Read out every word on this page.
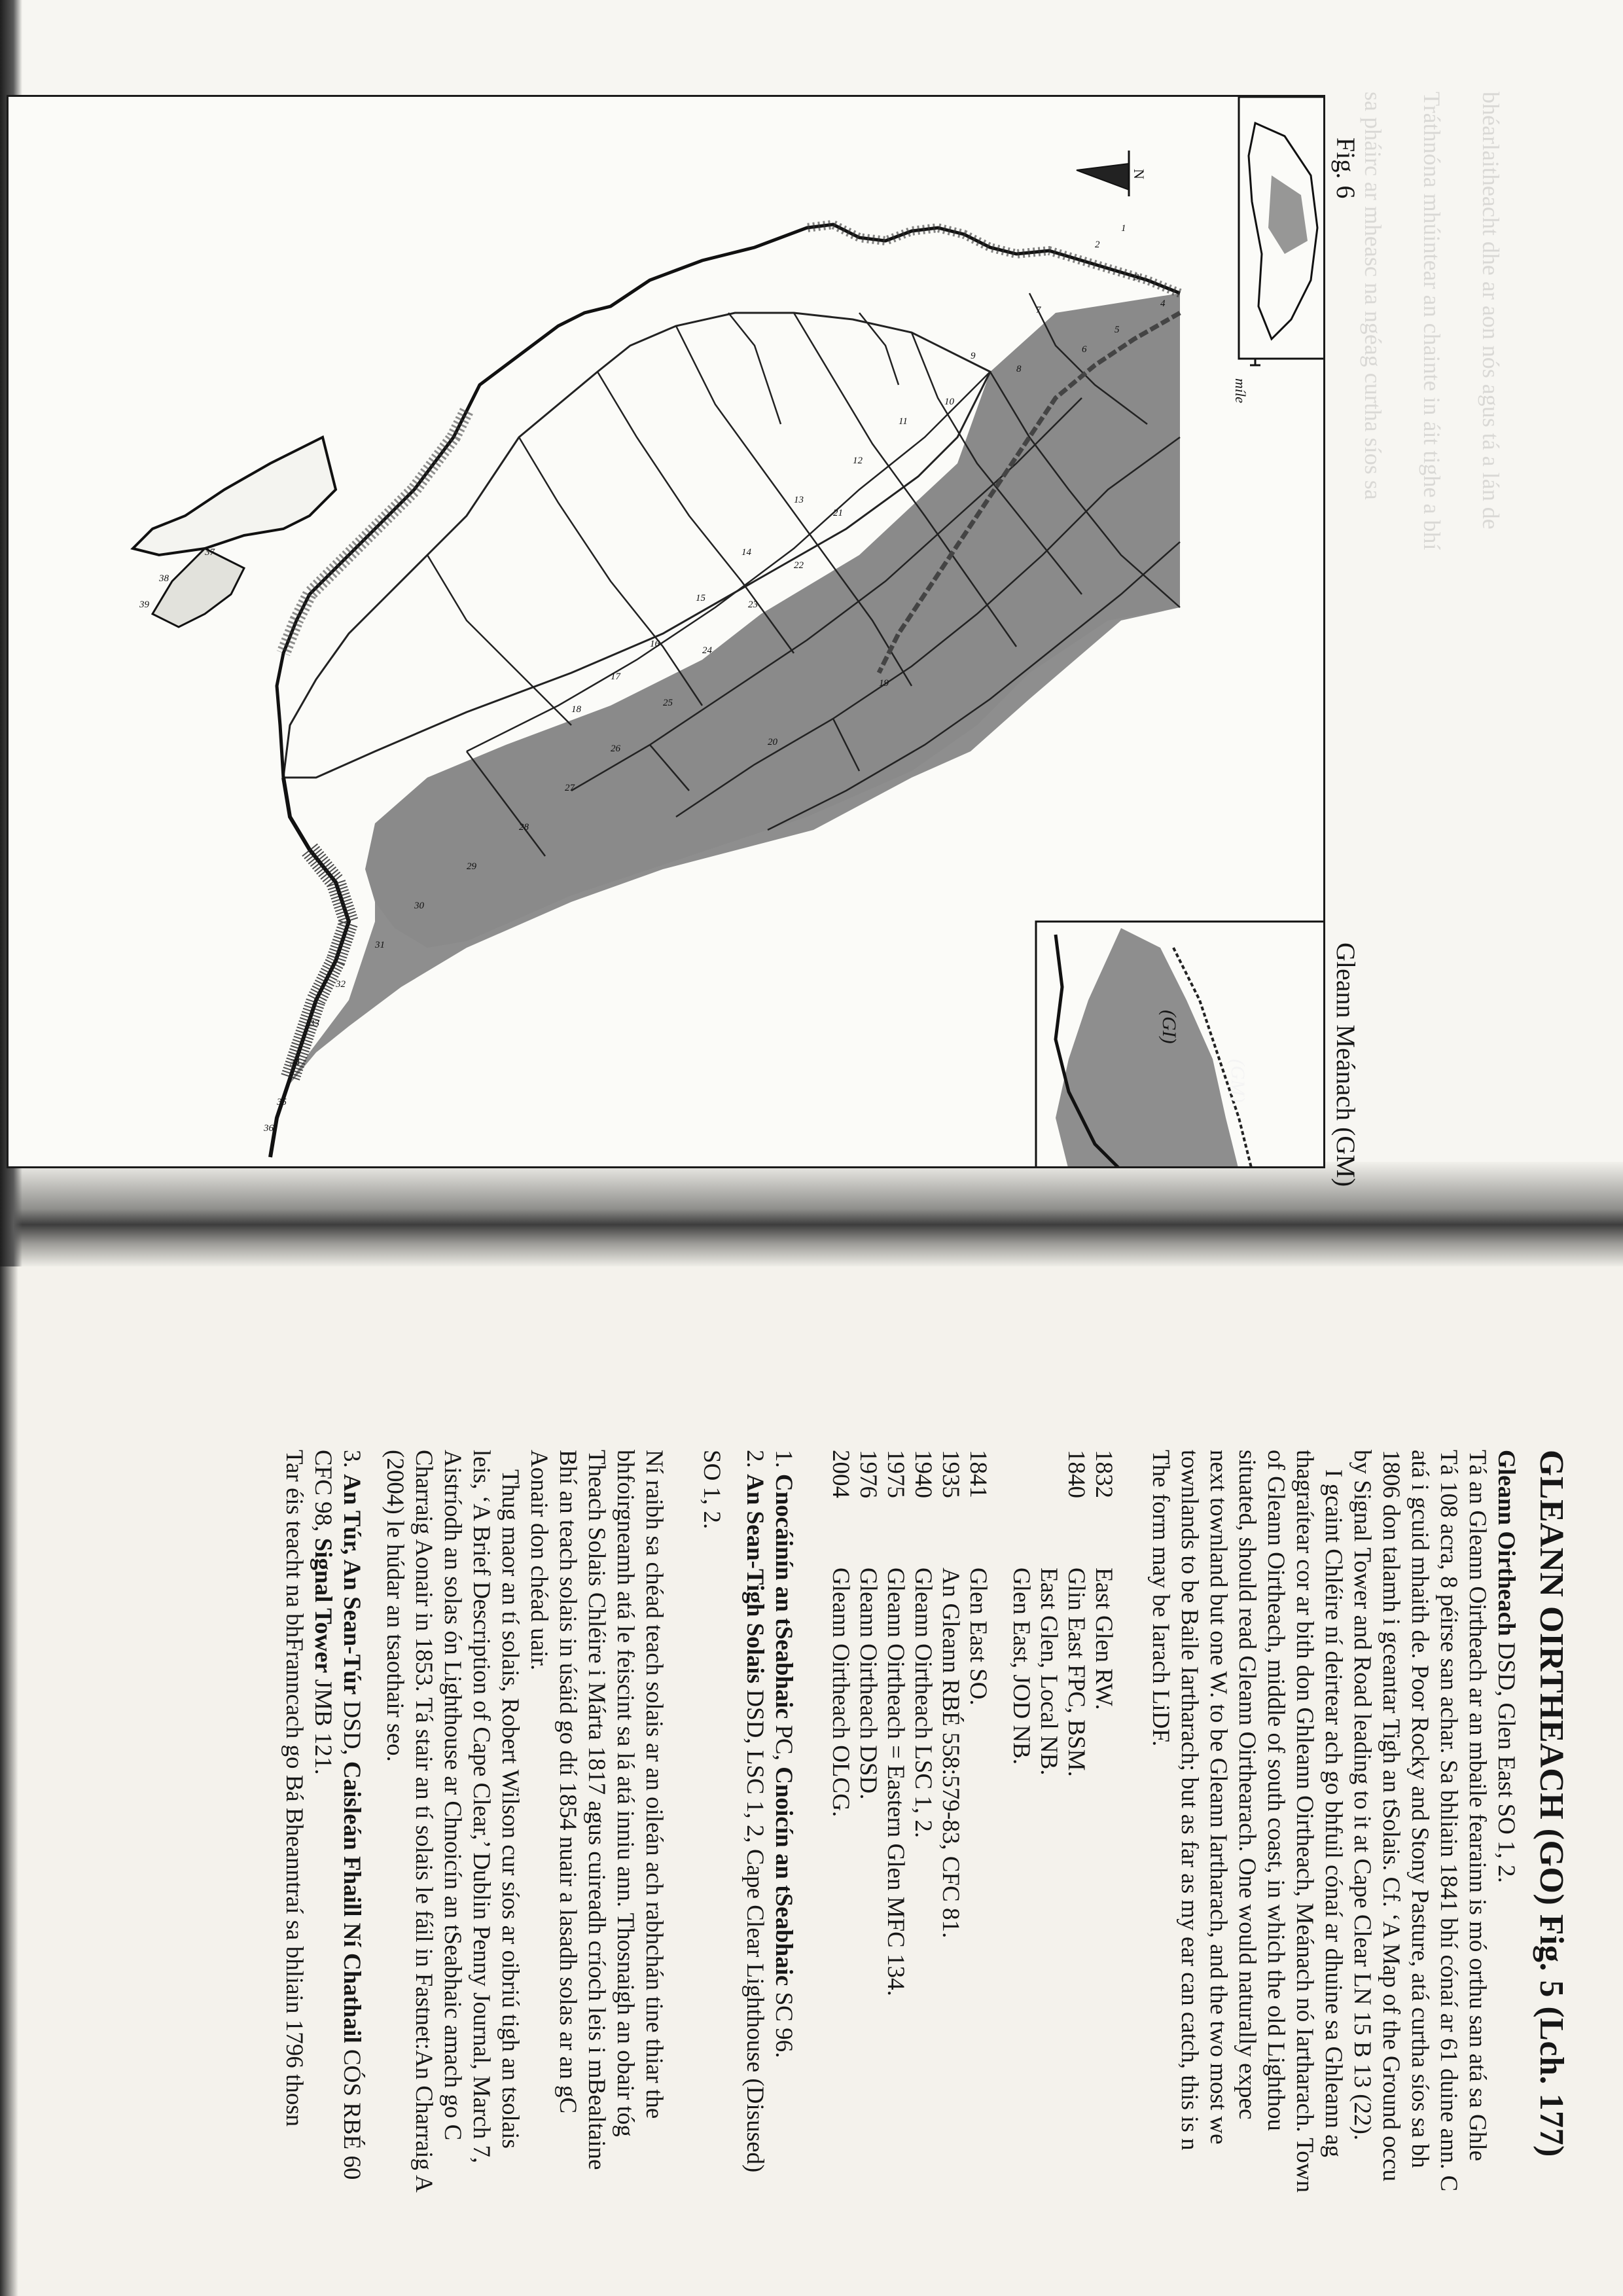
bhéarlaitheacht dhe ar aon nós agus tá a lán de
Tráthnóna mhúintear an chainte in áit tighe a bhí
sa pháirc ar mheasc na ngéag curtha síos sa
1
2
3
4
5
6
7
8
9
10
11
12
13
14
15
16
17
18
19
20
21
22
23
24
25
26
27
28
29
30
31
32
33
34
35
36
37
38
39
míle
N
(GI)
(GM)
Fig. 6
Gleann Meánach (GM)
GLEANN OIRTHEACH (GO) Fig. 5 (Lch. 177)
Gleann Oirtheach DSD, Glen East SO 1, 2.
Tá an Gleann Oirtheach ar an mbaile fearainn is mó orthu san atá sa Ghle
Tá 108 acra, 8 péirse san achar. Sa bhliain 1841 bhí cónaí ar 61 duine ann. C
atá i gcuid mhaith de. Poor Rocky and Stony Pasture, atá curtha síos sa bh
1806 don talamh i gceantar Tigh an tSolais. Cf. ‘A Map of the Ground occu
by Signal Tower and Road leading to it at Cape Clear LN 15 B 13 (22).
I gcaint Chléire ní deirtear ach go bhfuil cónaí ar dhuine sa Ghleann ag
thagraítear cor ar bith don Ghleann Oirtheach, Meánach nó Iartharach. Town
of Gleann Oirtheach, middle of south coast, in which the old Lighthou
situated, should read Gleann Oirthearach. One would naturally expec
next townland but one W. to be Gleann Iartharach, and the two most we
townlands to be Baile Iartharach; but as far as my ear can catch, this is n
The form may be Iarach LiDF.
1832East Glen RW.
1840Glin East FPC, BSM.
East Glen, Local NB.
Glen East, JOD NB.
1841Glen East SO.
1935An Gleann RBÉ 558:579-83, CFC 81.
1940Gleann Oirtheach LSC 1, 2.
1975Gleann Oirtheach = Eastern Glen MFC 134.
1976Gleann Oirtheach DSD.
2004Gleann Oirtheach OLCG.
1. Cnocáinín an tSeabhaic PC, Cnoicín an tSeabhaic SC 96.
2. An Sean-Tigh Solais DSD, LSC 1, 2, Cape Clear Lighthouse (Disused)
SO 1, 2.
Ní raibh sa chéad teach solais ar an oileán ach rabhchán tine thiar the
bhfoirgneamh atá le feiscint sa lá atá inniu ann. Thosnaigh an obair tóg
Theach Solais Chléire i Márta 1817 agus cuireadh críoch leis i mBealtaine
Bhí an teach solais in úsáid go dtí 1854 nuair a lasadh solas ar an gC
Aonair don chéad uair.
Thug maor an tí solais, Robert Wilson cur síos ar oibriú tigh an tsolais
leis, ‘A Brief Description of Cape Clear,’ Dublin Penny Journal, March 7,
Aistríodh an solas ón Lighthouse ar Chnoicín an tSeabhaic amach go C
Charraig Aonair in 1853. Tá stair an tí solais le fáil in Fastnet:An Charraig A
(2004) le húdar an tsaothair seo.
3. An Túr, An Sean-Túr DSD, Caisleán Fhaill Ní Chathail CÓS RBÉ 60
CFC 98, Signal Tower JMB 121.
Tar éis teacht na bhFranncach go Bá Bheanntraí sa bhliain 1796 thosn
